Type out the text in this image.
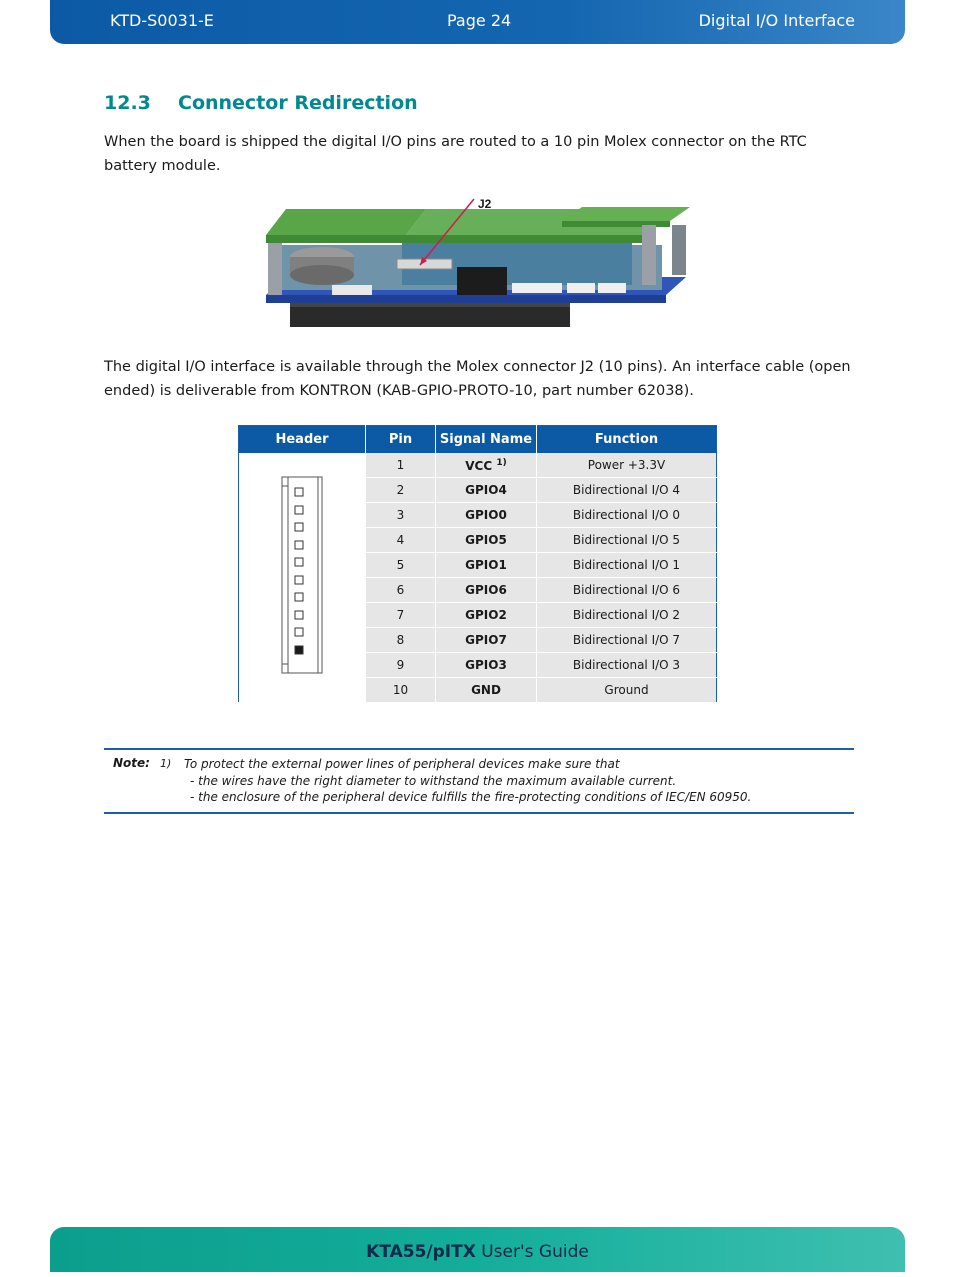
KTD-S0031-E	Page 24	Digital I/O Interface
12.3 Connector Redirection
When the board is shipped the digital I/O pins are routed to a 10 pin Molex connector on the RTC battery module.
J2
The digital I/O interface is available through the Molex connector J2 (10 pins). An interface cable (open ended) is deliverable from KONTRON (KAB-GPIO-PROTO-10, part number 62038).
Header	Pin	Signal Name	Function
	1	VCC $^{1)}$	Power +3.3V
	2	GPIO4	Bidirectional I/O 4
	3	GPIO0	Bidirectional I/O 0
	4	GPIO5	Bidirectional I/O 5
	5	GPIO1	Bidirectional I/O 1
	6	GPIO6	Bidirectional I/O 6
	7	GPIO2	Bidirectional I/O 2
	8	GPIO7	Bidirectional I/O 7
	9	GPIO3	Bidirectional I/O 3
	10	GND	Ground
Note: 1) To protect the external power lines of peripheral devices make sure that
- the wires have the right diameter to withstand the maximum available current.
- the enclosure of the peripheral device fulfills the fire-protecting conditions of IEC/EN 60950.
KTA55/pITX User's Guide
